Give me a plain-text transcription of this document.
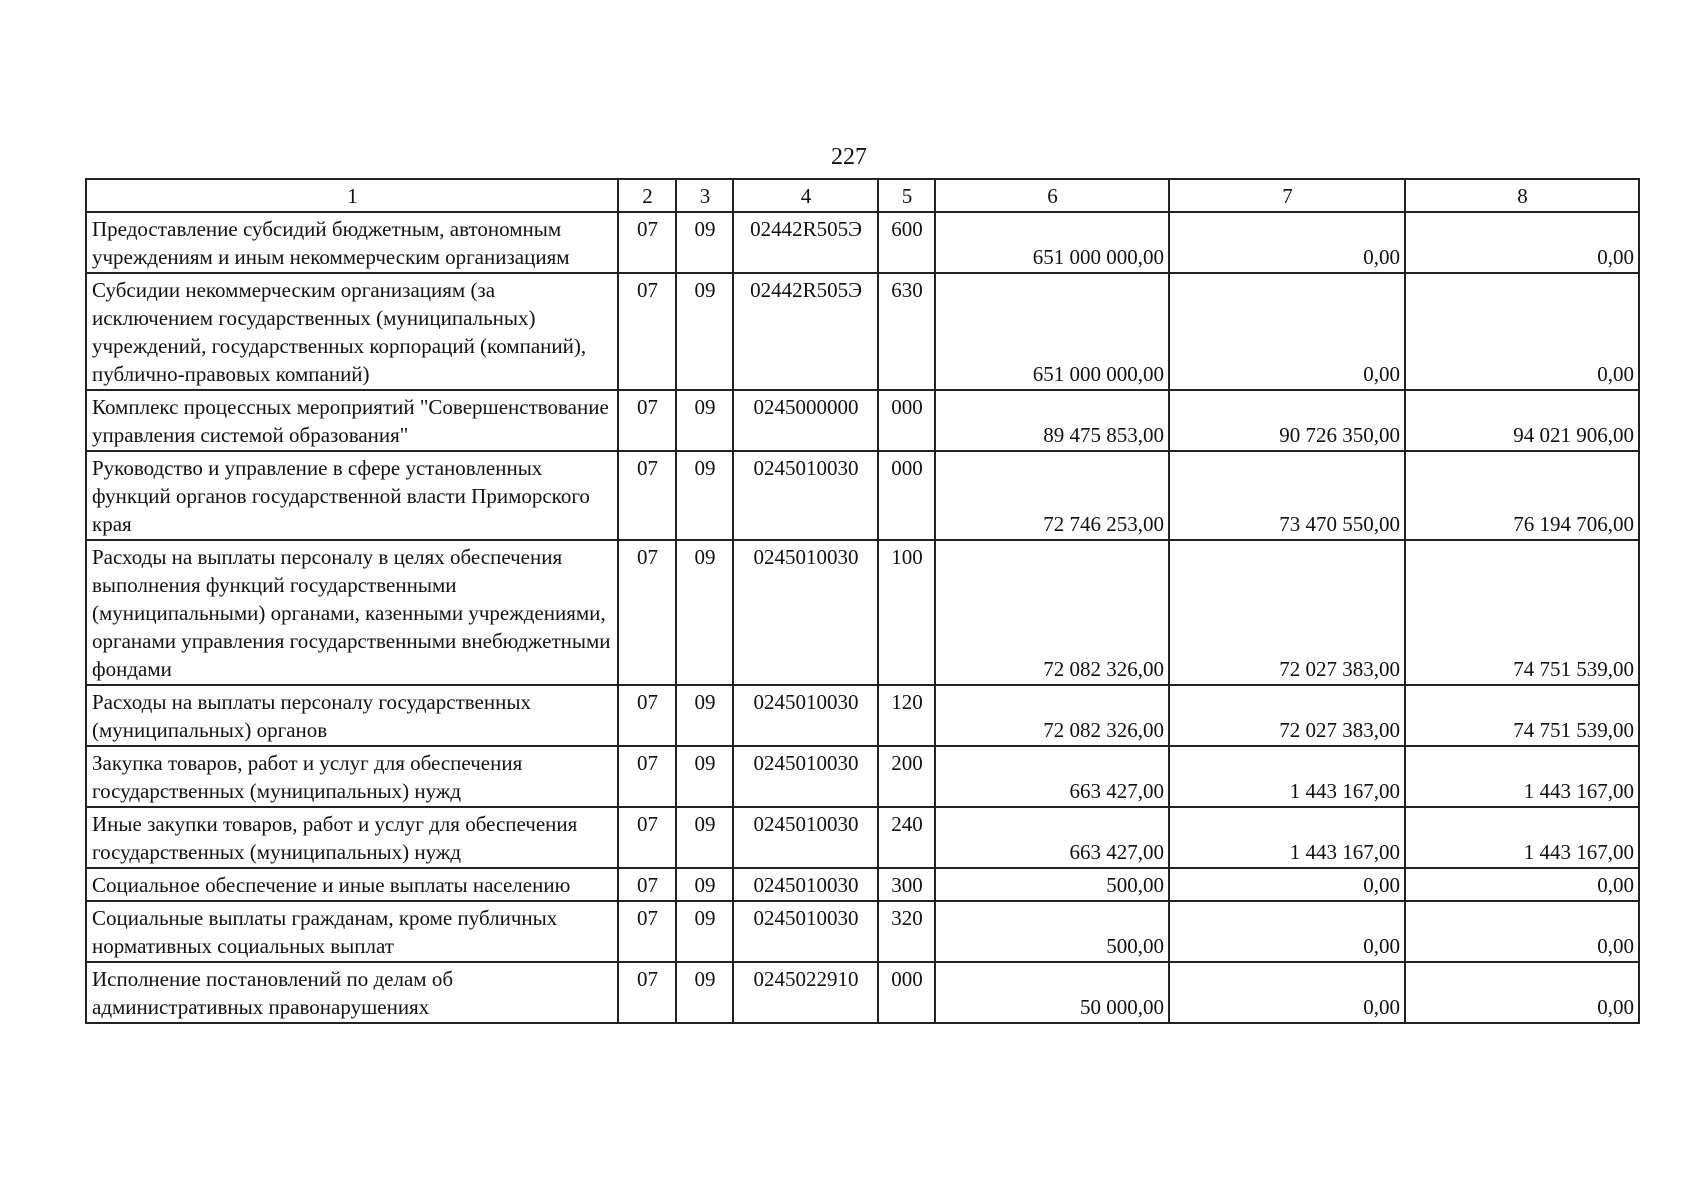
227
1	2	3	4	5	6	7	8
Предоставление субсидий бюджетным, автономным учреждениям и иным некоммерческим организациям	07	09	02442R505Э	600	651 000 000,00	0,00	0,00
Субсидии некоммерческим организациям (за исключением государственных (муниципальных) учреждений, государственных корпораций (компаний), публично-правовых компаний)	07	09	02442R505Э	630	651 000 000,00	0,00	0,00
Комплекс процессных мероприятий "Совершенствование управления системой образования"	07	09	0245000000	000	89 475 853,00	90 726 350,00	94 021 906,00
Руководство и управление в сфере установленных функций органов государственной власти Приморского края	07	09	0245010030	000	72 746 253,00	73 470 550,00	76 194 706,00
Расходы на выплаты персоналу в целях обеспечения выполнения функций государственными (муниципальными) органами, казенными учреждениями, органами управления государственными внебюджетными фондами	07	09	0245010030	100	72 082 326,00	72 027 383,00	74 751 539,00
Расходы на выплаты персоналу государственных (муниципальных) органов	07	09	0245010030	120	72 082 326,00	72 027 383,00	74 751 539,00
Закупка товаров, работ и услуг для обеспечения государственных (муниципальных) нужд	07	09	0245010030	200	663 427,00	1 443 167,00	1 443 167,00
Иные закупки товаров, работ и услуг для обеспечения государственных (муниципальных) нужд	07	09	0245010030	240	663 427,00	1 443 167,00	1 443 167,00
Социальное обеспечение и иные выплаты населению	07	09	0245010030	300	500,00	0,00	0,00
Социальные выплаты гражданам, кроме публичных нормативных социальных выплат	07	09	0245010030	320	500,00	0,00	0,00
Исполнение постановлений по делам об административных правонарушениях	07	09	0245022910	000	50 000,00	0,00	0,00
